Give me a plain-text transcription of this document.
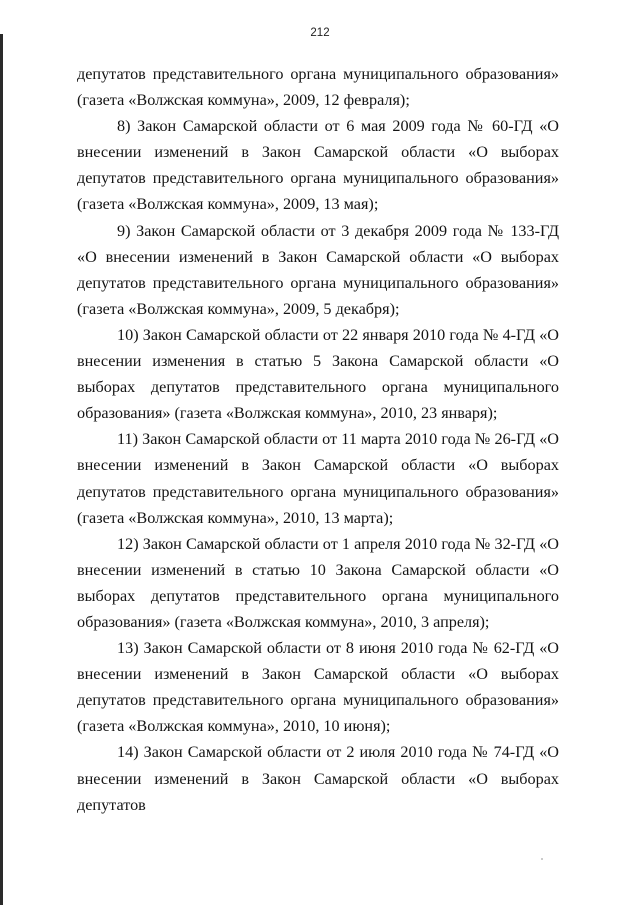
212

депутатов представительного органа муниципального образования» (газета «Волжская коммуна», 2009, 12 февраля);

8) Закон Самарской области от 6 мая 2009 года № 60-ГД «О внесении изменений в Закон Самарской области «О выборах депутатов представительного органа муниципального образования» (газета «Волжская коммуна», 2009, 13 мая);

9) Закон Самарской области от 3 декабря 2009 года № 133-ГД «О внесении изменений в Закон Самарской области «О выборах депутатов представительного органа муниципального образования» (газета «Волжская коммуна», 2009, 5 декабря);

10) Закон Самарской области от 22 января 2010 года № 4-ГД «О внесении изменения в статью 5 Закона Самарской области «О выборах депутатов представительного органа муниципального образования» (газета «Волжская коммуна», 2010, 23 января);

11) Закон Самарской области от 11 марта 2010 года № 26-ГД «О внесении изменений в Закон Самарской области «О выборах депутатов представительного органа муниципального образования» (газета «Волжская коммуна», 2010, 13 марта);

12) Закон Самарской области от 1 апреля 2010 года № 32-ГД «О внесении изменений в статью 10 Закона Самарской области «О выборах депутатов представительного органа муниципального образования» (газета «Волжская коммуна», 2010, 3 апреля);

13) Закон Самарской области от 8 июня 2010 года № 62-ГД «О внесении изменений в Закон Самарской области «О выборах депутатов представительного органа муниципального образования» (газета «Волжская коммуна», 2010, 10 июня);

14) Закон Самарской области от 2 июля 2010 года № 74-ГД «О внесении изменений в Закон Самарской области «О выборах депутатов
